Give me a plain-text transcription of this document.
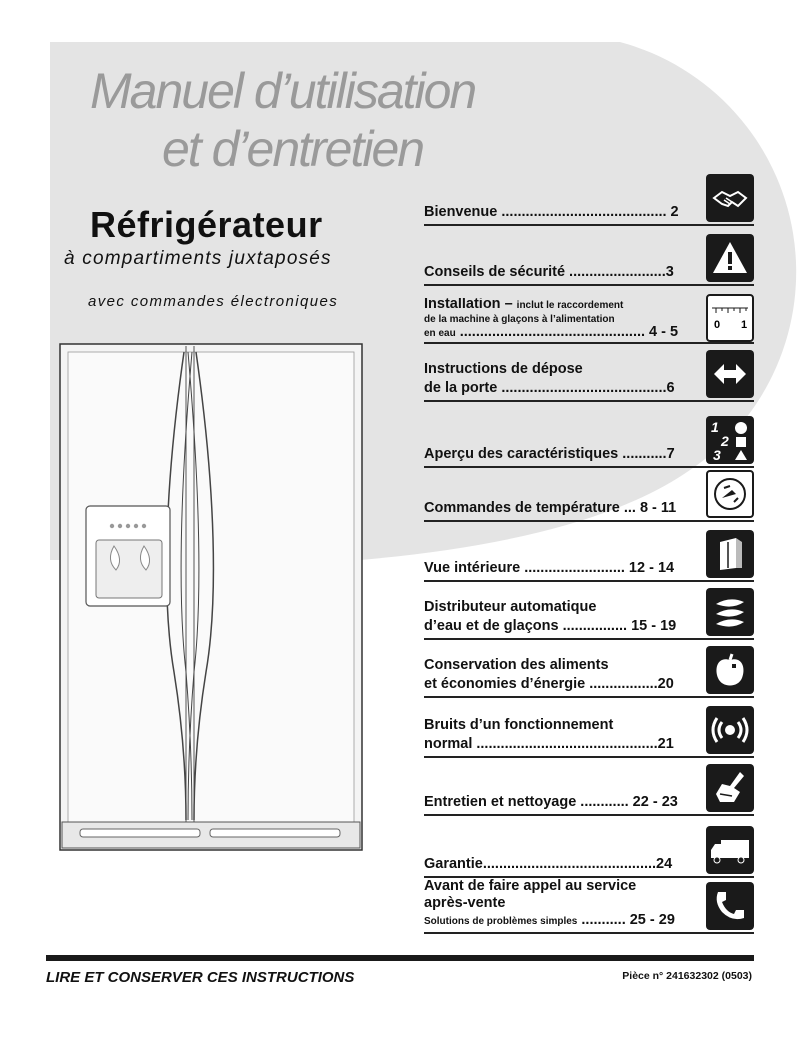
Manuel d’utilisation
et d’entretien
Réfrigérateur
à compartiments juxtaposés
avec commandes électroniques
Bienvenue ......................................... 2
Conseils de sécurité ........................3
Installation – inclut le raccordement
de la machine à glaçons à l’alimentation
en eau .............................................. 4 - 5	0 1
Instructions de dépose
de la porte .........................................6
Aperçu des caractéristiques ...........7
1
2
3
Commandes de température ... 8 - 11
Vue intérieure ......................... 12 - 14
Distributeur automatique
d’eau et de glaçons ................ 15 - 19
Conservation des aliments
et économies d’énergie .................20
Bruits d’un fonctionnement
normal .............................................21
Entretien et nettoyage ............ 22 - 23
Garantie...........................................24
Avant de faire appel au service
après-vente
Solutions de problèmes simples ........... 25 - 29
LIRE ET CONSERVER CES INSTRUCTIONS	Pièce n° 241632302 (0503)
